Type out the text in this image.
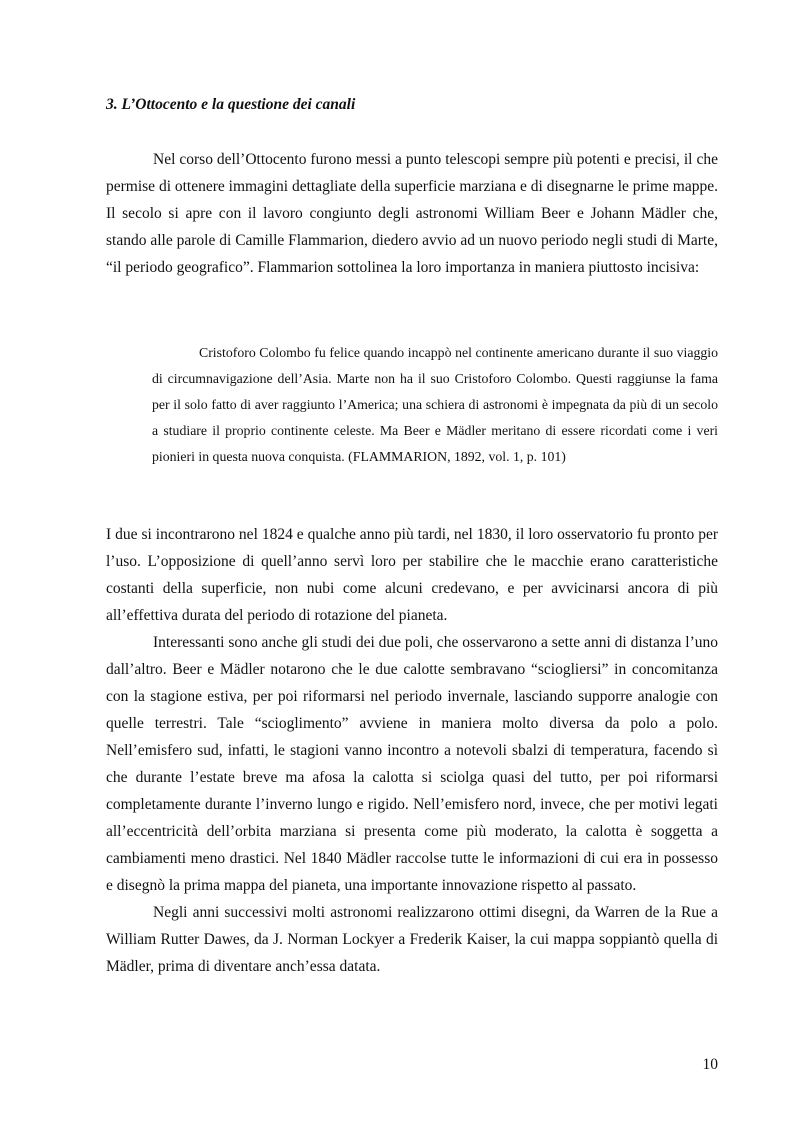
3. L’Ottocento e la questione dei canali

Nel corso dell’Ottocento furono messi a punto telescopi sempre più potenti e precisi, il che permise di ottenere immagini dettagliate della superficie marziana e di disegnarne le prime mappe. Il secolo si apre con il lavoro congiunto degli astronomi William Beer e Johann Mädler che, stando alle parole di Camille Flammarion, diedero avvio ad un nuovo periodo negli studi di Marte, “il periodo geografico”. Flammarion sottolinea la loro importanza in maniera piuttosto incisiva:

Cristoforo Colombo fu felice quando incappò nel continente americano durante il suo viaggio di circumnavigazione dell’Asia. Marte non ha il suo Cristoforo Colombo. Questi raggiunse la fama per il solo fatto di aver raggiunto l’America; una schiera di astronomi è impegnata da più di un secolo a studiare il proprio continente celeste. Ma Beer e Mädler meritano di essere ricordati come i veri pionieri in questa nuova conquista. (FLAMMARION, 1892, vol. 1, p. 101)

I due si incontrarono nel 1824 e qualche anno più tardi, nel 1830, il loro osservatorio fu pronto per l’uso. L’opposizione di quell’anno servì loro per stabilire che le macchie erano caratteristiche costanti della superficie, non nubi come alcuni credevano, e per avvicinarsi ancora di più all’effettiva durata del periodo di rotazione del pianeta.

Interessanti sono anche gli studi dei due poli, che osservarono a sette anni di distanza l’uno dall’altro. Beer e Mädler notarono che le due calotte sembravano “sciogliersi” in concomitanza con la stagione estiva, per poi riformarsi nel periodo invernale, lasciando supporre analogie con quelle terrestri. Tale “scioglimento” avviene in maniera molto diversa da polo a polo. Nell’emisfero sud, infatti, le stagioni vanno incontro a notevoli sbalzi di temperatura, facendo sì che durante l’estate breve ma afosa la calotta si sciolga quasi del tutto, per poi riformarsi completamente durante l’inverno lungo e rigido. Nell’emisfero nord, invece, che per motivi legati all’eccentricità dell’orbita marziana si presenta come più moderato, la calotta è soggetta a cambiamenti meno drastici. Nel 1840 Mädler raccolse tutte le informazioni di cui era in possesso e disegnò la prima mappa del pianeta, una importante innovazione rispetto al passato.

Negli anni successivi molti astronomi realizzarono ottimi disegni, da Warren de la Rue a William Rutter Dawes, da J. Norman Lockyer a Frederik Kaiser, la cui mappa soppiantò quella di Mädler, prima di diventare anch’essa datata.

10
